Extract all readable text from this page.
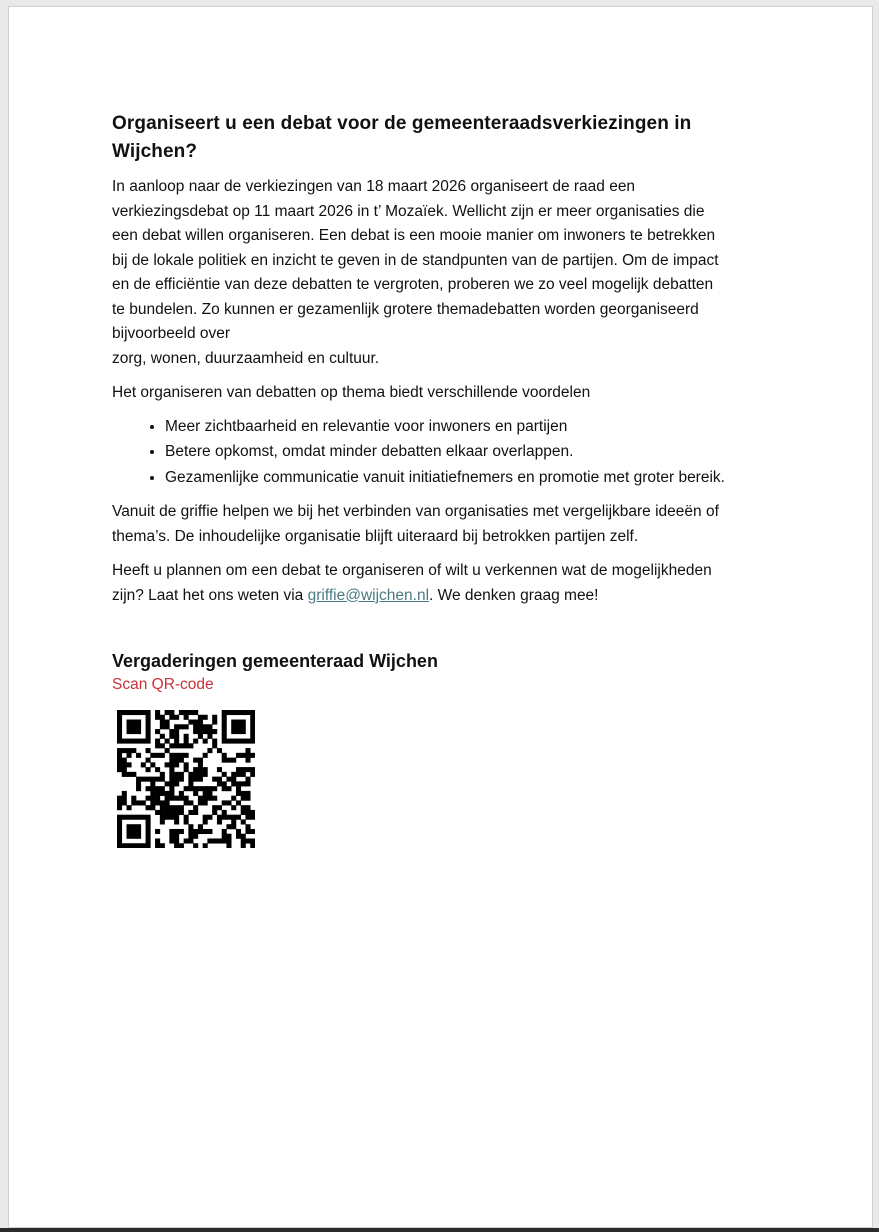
Organiseert u een debat voor de gemeenteraadsverkiezingen in
Wijchen?

In aanloop naar de verkiezingen van 18 maart 2026 organiseert de raad een
verkiezingsdebat op 11 maart 2026 in t’ Mozaïek. Wellicht zijn er meer organisaties die
een debat willen organiseren. Een debat is een mooie manier om inwoners te betrekken
bij de lokale politiek en inzicht te geven in de standpunten van de partijen. Om de impact
en de efficiëntie van deze debatten te vergroten, proberen we zo veel mogelijk debatten
te bundelen. Zo kunnen er gezamenlijk grotere themadebatten worden georganiseerd
bijvoorbeeld over
zorg, wonen, duurzaamheid en cultuur.

Het organiseren van debatten op thema biedt verschillende voordelen

• Meer zichtbaarheid en relevantie voor inwoners en partijen
• Betere opkomst, omdat minder debatten elkaar overlappen.
• Gezamenlijke communicatie vanuit initiatiefnemers en promotie met groter bereik.

Vanuit de griffie helpen we bij het verbinden van organisaties met vergelijkbare ideeën of
thema’s. De inhoudelijke organisatie blijft uiteraard bij betrokken partijen zelf.

Heeft u plannen om een debat te organiseren of wilt u verkennen wat de mogelijkheden
zijn? Laat het ons weten via griffie@wijchen.nl. We denken graag mee!

Vergaderingen gemeenteraad Wijchen
Scan QR-code
